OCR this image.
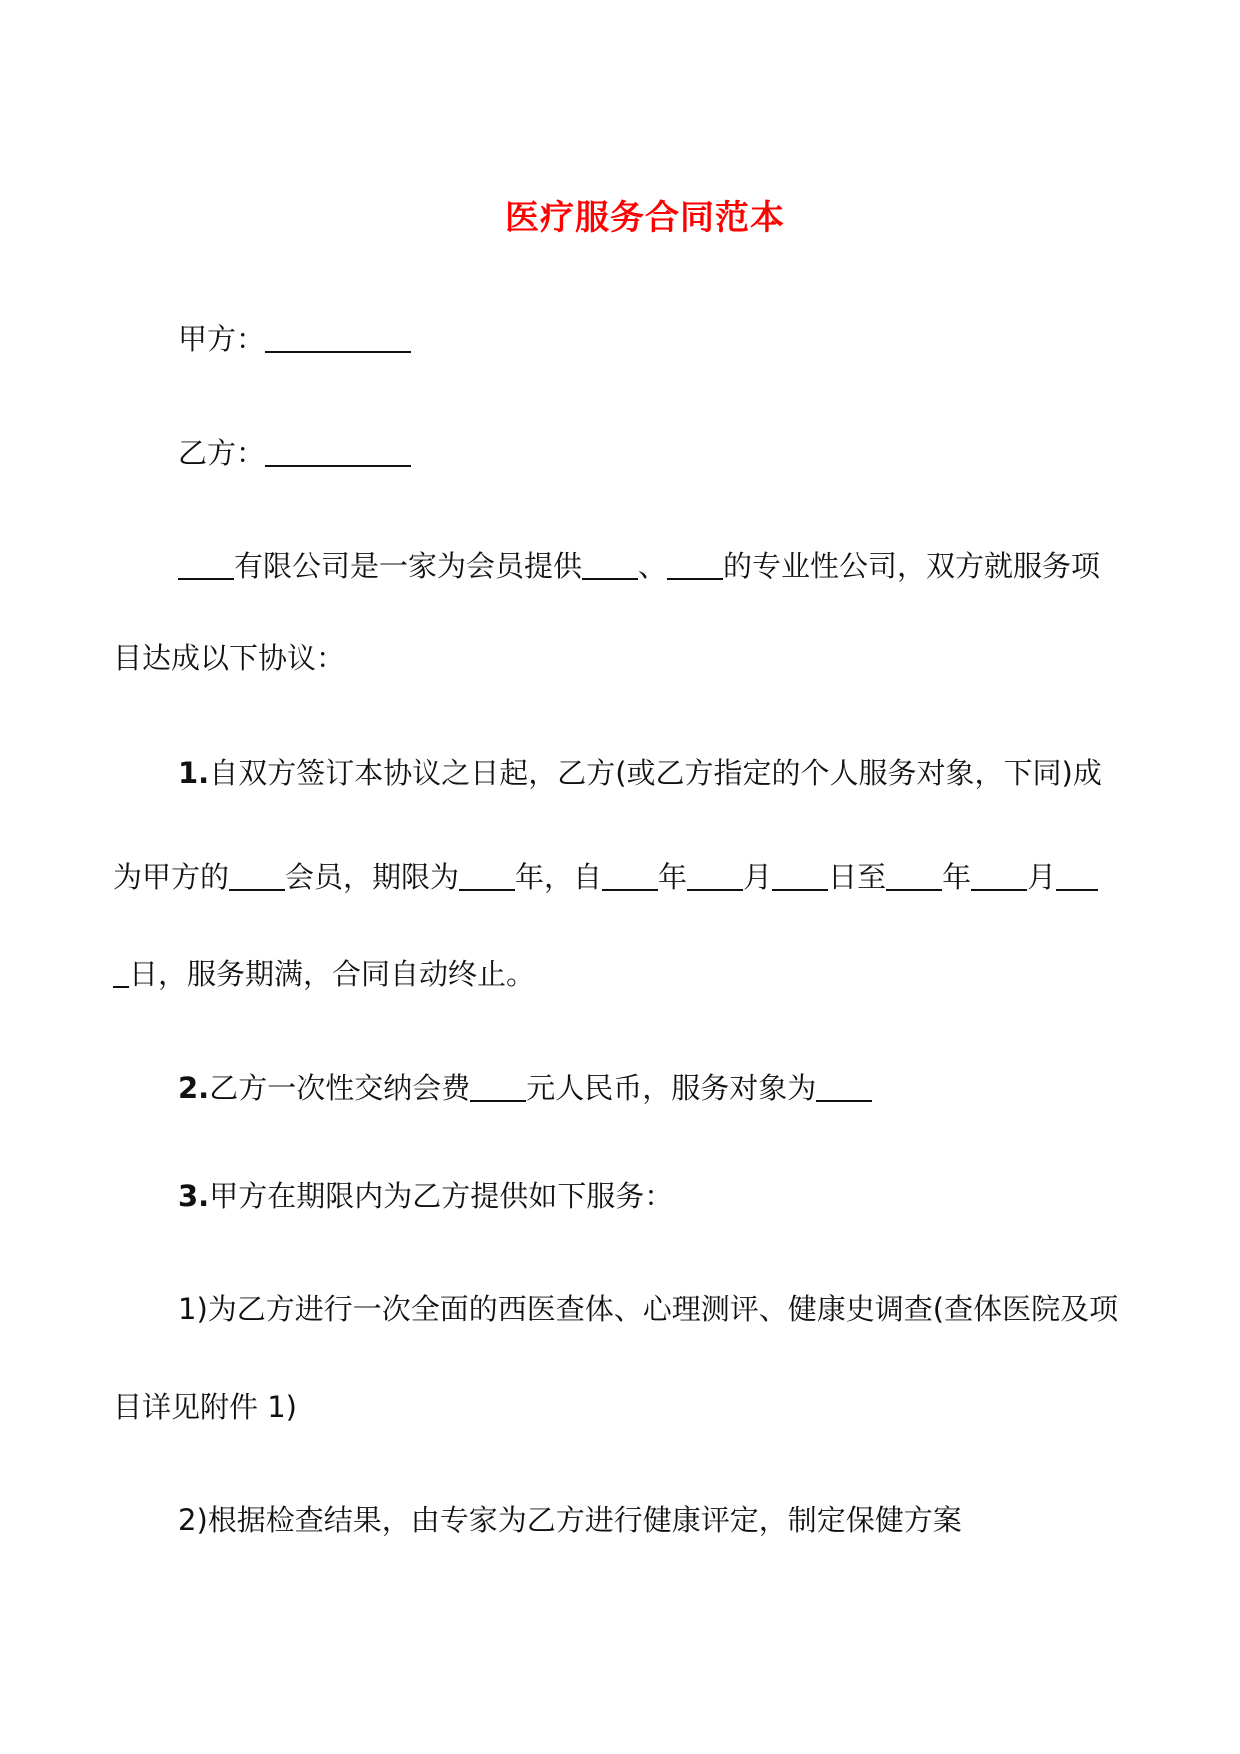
医疗服务合同范本
甲方：
乙方：
有限公司是一家为会员提供 、 的专业性公司，双方就服务项
目达成以下协议：
1.自双方签订本协议之日起，乙方(或乙方指定的个人服务对象，下同)成
为甲方的 会员，期限为 年，自 年 月 日至 年 月
日，服务期满，合同自动终止。
2.乙方一次性交纳会费 元人民币，服务对象为
3.甲方在期限内为乙方提供如下服务：
1)为乙方进行一次全面的西医查体、心理测评、健康史调查(查体医院及项
目详见附件 1)
2)根据检查结果，由专家为乙方进行健康评定，制定保健方案
